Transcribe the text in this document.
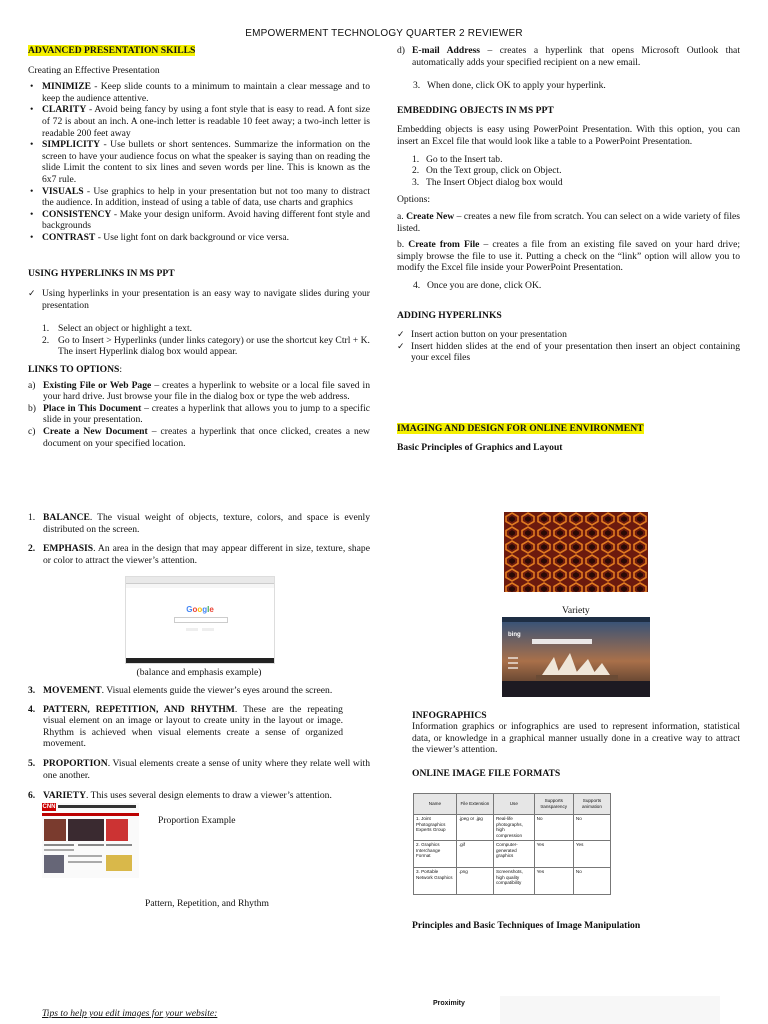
EMPOWERMENT TECHNOLOGY QUARTER 2 REVIEWER

ADVANCED PRESENTATION SKILLS

Creating an Effective Presentation

• MINIMIZE - Keep slide counts to a minimum to maintain a clear message and to keep the audience attentive.
• CLARITY - Avoid being fancy by using a font style that is easy to read. A font size of 72 is about an inch. A one-inch letter is readable 10 feet away; a two-inch letter is readable 200 feet away
• SIMPLICITY - Use bullets or short sentences. Summarize the information on the screen to have your audience focus on what the speaker is saying than on reading the slide Limit the content to six lines and seven words per line. This is known as the 6x7 rule.
• VISUALS - Use graphics to help in your presentation but not too many to distract the audience. In addition, instead of using a table of data, use charts and graphics
• CONSISTENCY - Make your design uniform. Avoid having different font style and backgrounds
• CONTRAST - Use light font on dark background or vice versa.

USING HYPERLINKS IN MS PPT

✓ Using hyperlinks in your presentation is an easy way to navigate slides during your presentation
1. Select an object or highlight a text.
2. Go to Insert > Hyperlinks (under links category) or use the shortcut key Ctrl + K. The insert Hyperlink dialog box would appear.

LINKS TO OPTIONS:

a) Existing File or Web Page – creates a hyperlink to website or a local file saved in your hard drive. Just browse your file in the dialog box or type the web address.
b) Place in This Document – creates a hyperlink that allows you to jump to a specific slide in your presentation.
c) Create a New Document – creates a hyperlink that once clicked, creates a new document on your specified location.
1. BALANCE. The visual weight of objects, texture, colors, and space is evenly distributed on the screen.
2. EMPHASIS. An area in the design that may appear different in size, texture, shape or color to attract the viewer’s attention.
Google
(balance and emphasis example)
3. MOVEMENT. Visual elements guide the viewer’s eyes around the screen.
4. PATTERN, REPETITION, AND RHYTHM. These are the repeating visual element on an image or layout to create unity in the layout or image. Rhythm is achieved when visual elements create a sense of organized movement.
5. PROPORTION. Visual elements create a sense of unity where they relate well with one another.
6. VARIETY. This uses several design elements to draw a viewer’s attention.
CNN
Proportion Example
Pattern, Repetition, and Rhythm
Tips to help you edit images for your website:
d) E-mail Address – creates a hyperlink that opens Microsoft Outlook that automatically adds your specified recipient on a new email.
3. When done, click OK to apply your hyperlink.

EMBEDDING OBJECTS IN MS PPT

Embedding objects is easy using PowerPoint Presentation. With this option, you can insert an Excel file that would look like a table to a PowerPoint Presentation.

1. Go to the Insert tab.
2. On the Text group, click on Object.
3. The Insert Object dialog box would

Options:

a. Create New – creates a new file from scratch. You can select on a wide variety of files listed.

b. Create from File – creates a file from an existing file saved on your hard drive; simply browse the file to use it. Putting a check on the “link” option will allow you to modify the Excel file inside your PowerPoint Presentation.

4. Once you are done, click OK.

ADDING HYPERLINKS

✓ Insert action button on your presentation
✓ Insert hidden slides at the end of your presentation then insert an object containing your excel files
IMAGING AND DESIGN FOR ONLINE ENVIRONMENT
Basic Principles of Graphics and Layout
Variety
bing
INFOGRAPHICS
Information graphics or infographics are used to represent information, statistical data, or knowledge in a graphical manner usually done in a creative way to attract the viewer’s attention.
ONLINE IMAGE FILE FORMATS
Name	File Extension	Use	Supports transparency	Supports animation
1. Joint Photographics Experts Group	.jpeg or .jpg	Real-life photographs, high compression	No	No
2. Graphics Interchange Format	.gif	Computer-generated graphics	Yes	Yes
3. Portable Network Graphics	.png	Screenshots, high quality compatibility	Yes	No
Principles and Basic Techniques of Image Manipulation
Proximity
